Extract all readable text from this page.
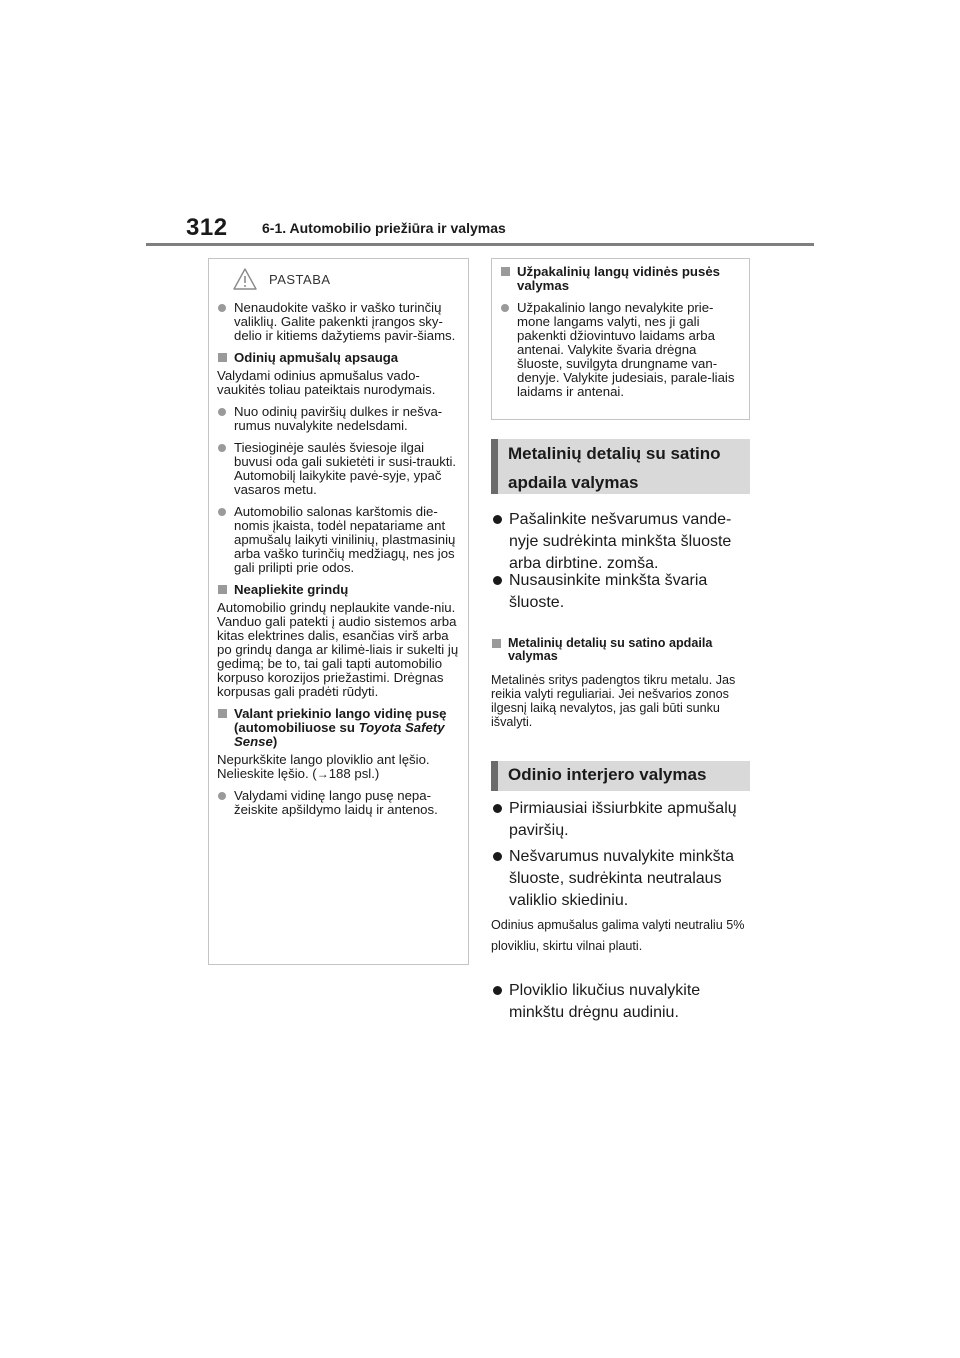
312 6-1. Automobilio priežiūra ir valymas
PASTABA
Nenaudokite vaško ir vaško turinčių valiklių. Galite pakenkti įrangos sky-delio ir kitiems dažytiems pavir-šiams.
Odinių apmušalų apsauga
Valydami odinius apmušalus vado-vaukitės toliau pateiktais nurodymais.
Nuo odinių paviršių dulkes ir nešva-rumus nuvalykite nedelsdami.
Tiesioginėje saulės šviesoje ilgai buvusi oda gali sukietėti ir susi-traukti. Automobilį laikykite pavė-syje, ypač vasaros metu.
Automobilio salonas karštomis die-nomis įkaista, todėl nepatariame ant apmušalų laikyti vinilinių, plastmasinių arba vaško turinčių medžiagų, nes jos gali prilipti prie odos.
Neapliekite grindų
Automobilio grindų neplaukite vande-niu.
Vanduo gali patekti į audio sistemos arba kitas elektrines dalis, esančias virš arba po grindų danga ar kilimė-liais ir sukelti jų gedimą; be to, tai gali tapti automobilio korpuso korozijos priežastimi. Drėgnas korpusas gali pradėti rūdyti.
Valant priekinio lango vidinę pusę (automobiliuose su Toyota Safety Sense)
Nepurkškite lango ploviklio ant lęšio. Nelieskite lęšio. (→188 psl.)
Valydami vidinę lango pusę nepa-žeiskite apšildymo laidų ir antenos.
Užpakalinių langų vidinės pusės valymas
Užpakalinio lango nevalykite prie-mone langams valyti, nes ji gali pakenkti džiovintuvo laidams arba antenai. Valykite švaria drėgna šluoste, suvilgyta drungname van-denyje. Valykite judesiais, parale-liais laidams ir antenai.
Metalinių detalių su satino apdaila valymas
Pašalinkite nešvarumus vande-nyje sudrėkinta minkšta šluoste arba dirbtine. zomša.
Nusausinkite minkšta švaria šluoste.
Metalinių detalių su satino apdaila valymas
Metalinės sritys padengtos tikru metalu. Jas reikia valyti reguliariai. Jei nešvarios zonos ilgesnį laiką nevalytos, jas gali būti sunku išvalyti.
Odinio interjero valymas
Pirmiausiai išsiurbkite apmušalų paviršių.
Nešvarumus nuvalykite minkšta šluoste, sudrėkinta neutralaus valiklio skiediniu.
Odinius apmušalus galima valyti neutraliu 5% plovikliu, skirtu vilnai plauti.
Ploviklio likučius nuvalykite minkštu drėgnu audiniu.
